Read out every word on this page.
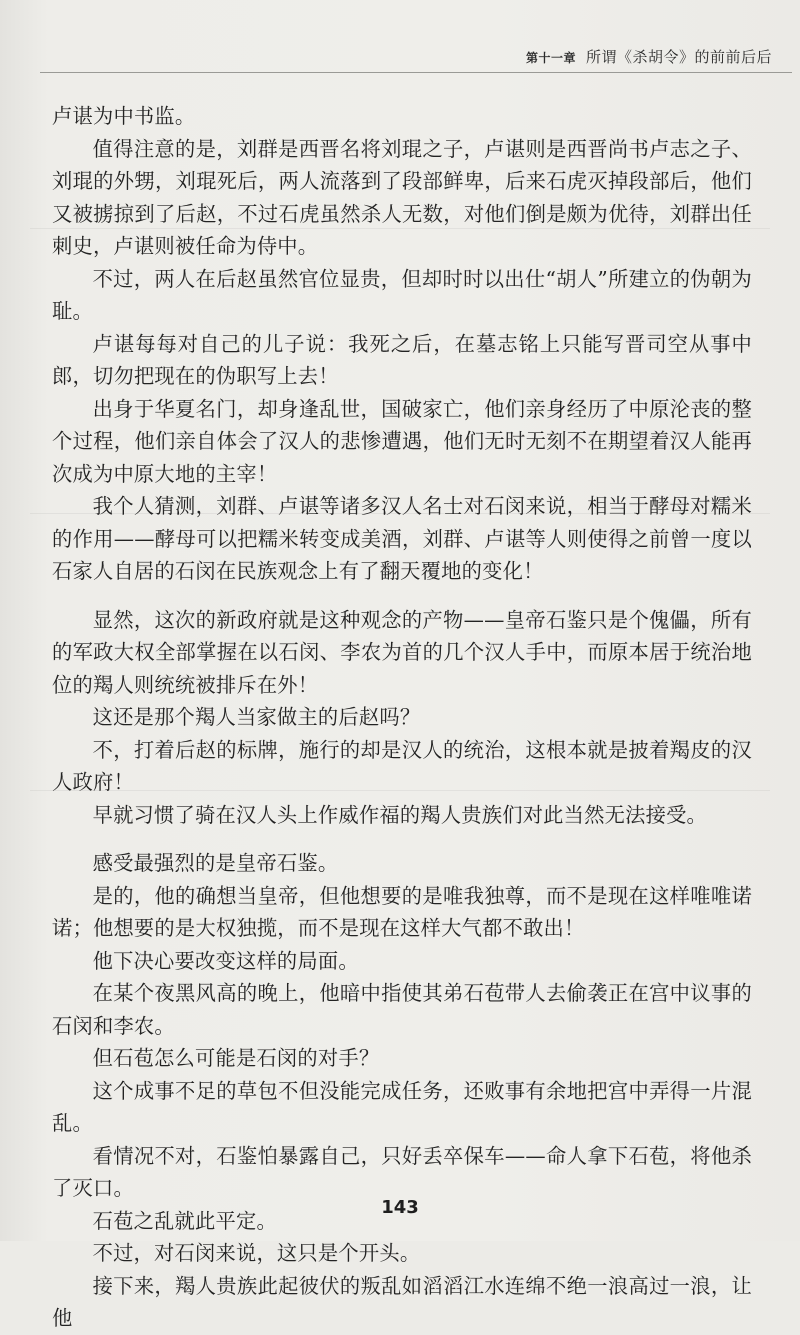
第十一章 所谓《杀胡令》的前前后后

卢谌为中书监。

值得注意的是，刘群是西晋名将刘琨之子，卢谌则是西晋尚书卢志之子、刘琨的外甥，刘琨死后，两人流落到了段部鲜卑，后来石虎灭掉段部后，他们又被掳掠到了后赵，不过石虎虽然杀人无数，对他们倒是颇为优待，刘群出任刺史，卢谌则被任命为侍中。

不过，两人在后赵虽然官位显贵，但却时时以出仕“胡人”所建立的伪朝为耻。

卢谌每每对自己的儿子说：我死之后，在墓志铭上只能写晋司空从事中郎，切勿把现在的伪职写上去！

出身于华夏名门，却身逢乱世，国破家亡，他们亲身经历了中原沦丧的整个过程，他们亲自体会了汉人的悲惨遭遇，他们无时无刻不在期望着汉人能再次成为中原大地的主宰！

我个人猜测，刘群、卢谌等诸多汉人名士对石闵来说，相当于酵母对糯米的作用——酵母可以把糯米转变成美酒，刘群、卢谌等人则使得之前曾一度以石家人自居的石闵在民族观念上有了翻天覆地的变化！

显然，这次的新政府就是这种观念的产物——皇帝石鉴只是个傀儡，所有的军政大权全部掌握在以石闵、李农为首的几个汉人手中，而原本居于统治地位的羯人则统统被排斥在外！

这还是那个羯人当家做主的后赵吗？

不，打着后赵的标牌，施行的却是汉人的统治，这根本就是披着羯皮的汉人政府！

早就习惯了骑在汉人头上作威作福的羯人贵族们对此当然无法接受。

感受最强烈的是皇帝石鉴。

是的，他的确想当皇帝，但他想要的是唯我独尊，而不是现在这样唯唯诺诺；他想要的是大权独揽，而不是现在这样大气都不敢出！

他下决心要改变这样的局面。

在某个夜黑风高的晚上，他暗中指使其弟石苞带人去偷袭正在宫中议事的石闵和李农。

但石苞怎么可能是石闵的对手？

这个成事不足的草包不但没能完成任务，还败事有余地把宫中弄得一片混乱。

看情况不对，石鉴怕暴露自己，只好丢卒保车——命人拿下石苞，将他杀了灭口。

石苞之乱就此平定。

不过，对石闵来说，这只是个开头。

接下来，羯人贵族此起彼伏的叛乱如滔滔江水连绵不绝一浪高过一浪，让他

143
